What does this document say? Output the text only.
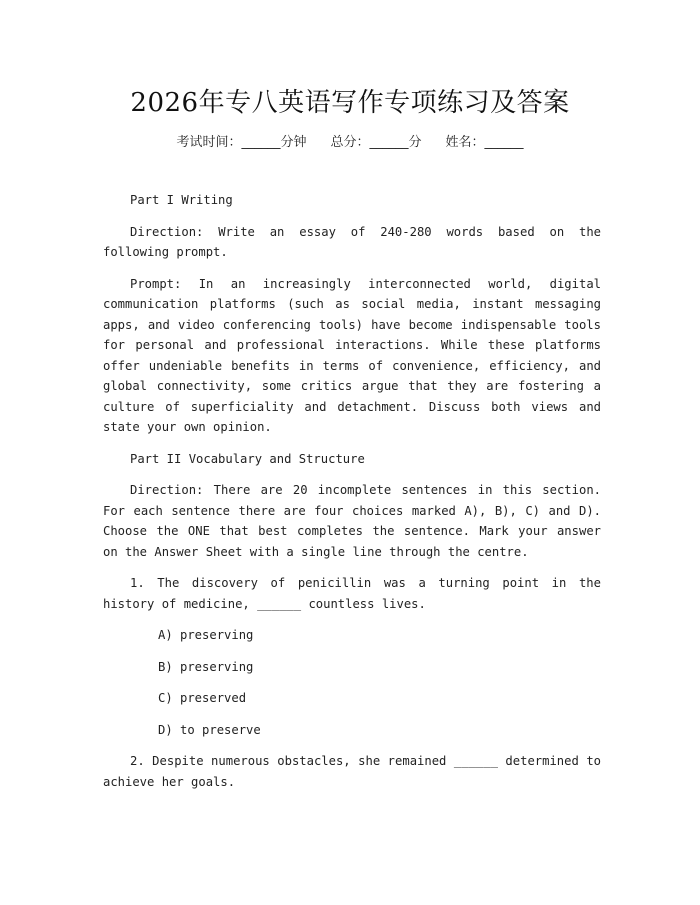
2026年专八英语写作专项练习及答案
考试时间：______分钟 总分：______分 姓名：______

Part I Writing

Direction: Write an essay of 240-280 words based on the following prompt.

Prompt: In an increasingly interconnected world, digital communication platforms (such as social media, instant messaging apps, and video conferencing tools) have become indispensable tools for personal and professional interactions. While these platforms offer undeniable benefits in terms of convenience, efficiency, and global connectivity, some critics argue that they are fostering a culture of superficiality and detachment. Discuss both views and state your own opinion.

Part II Vocabulary and Structure

Direction: There are 20 incomplete sentences in this section. For each sentence there are four choices marked A), B), C) and D). Choose the ONE that best completes the sentence. Mark your answer on the Answer Sheet with a single line through the centre.

1. The discovery of penicillin was a turning point in the history of medicine, ______ countless lives.

A) preserving

B) preserving

C) preserved

D) to preserve

2. Despite numerous obstacles, she remained ______ determined to achieve her goals.
